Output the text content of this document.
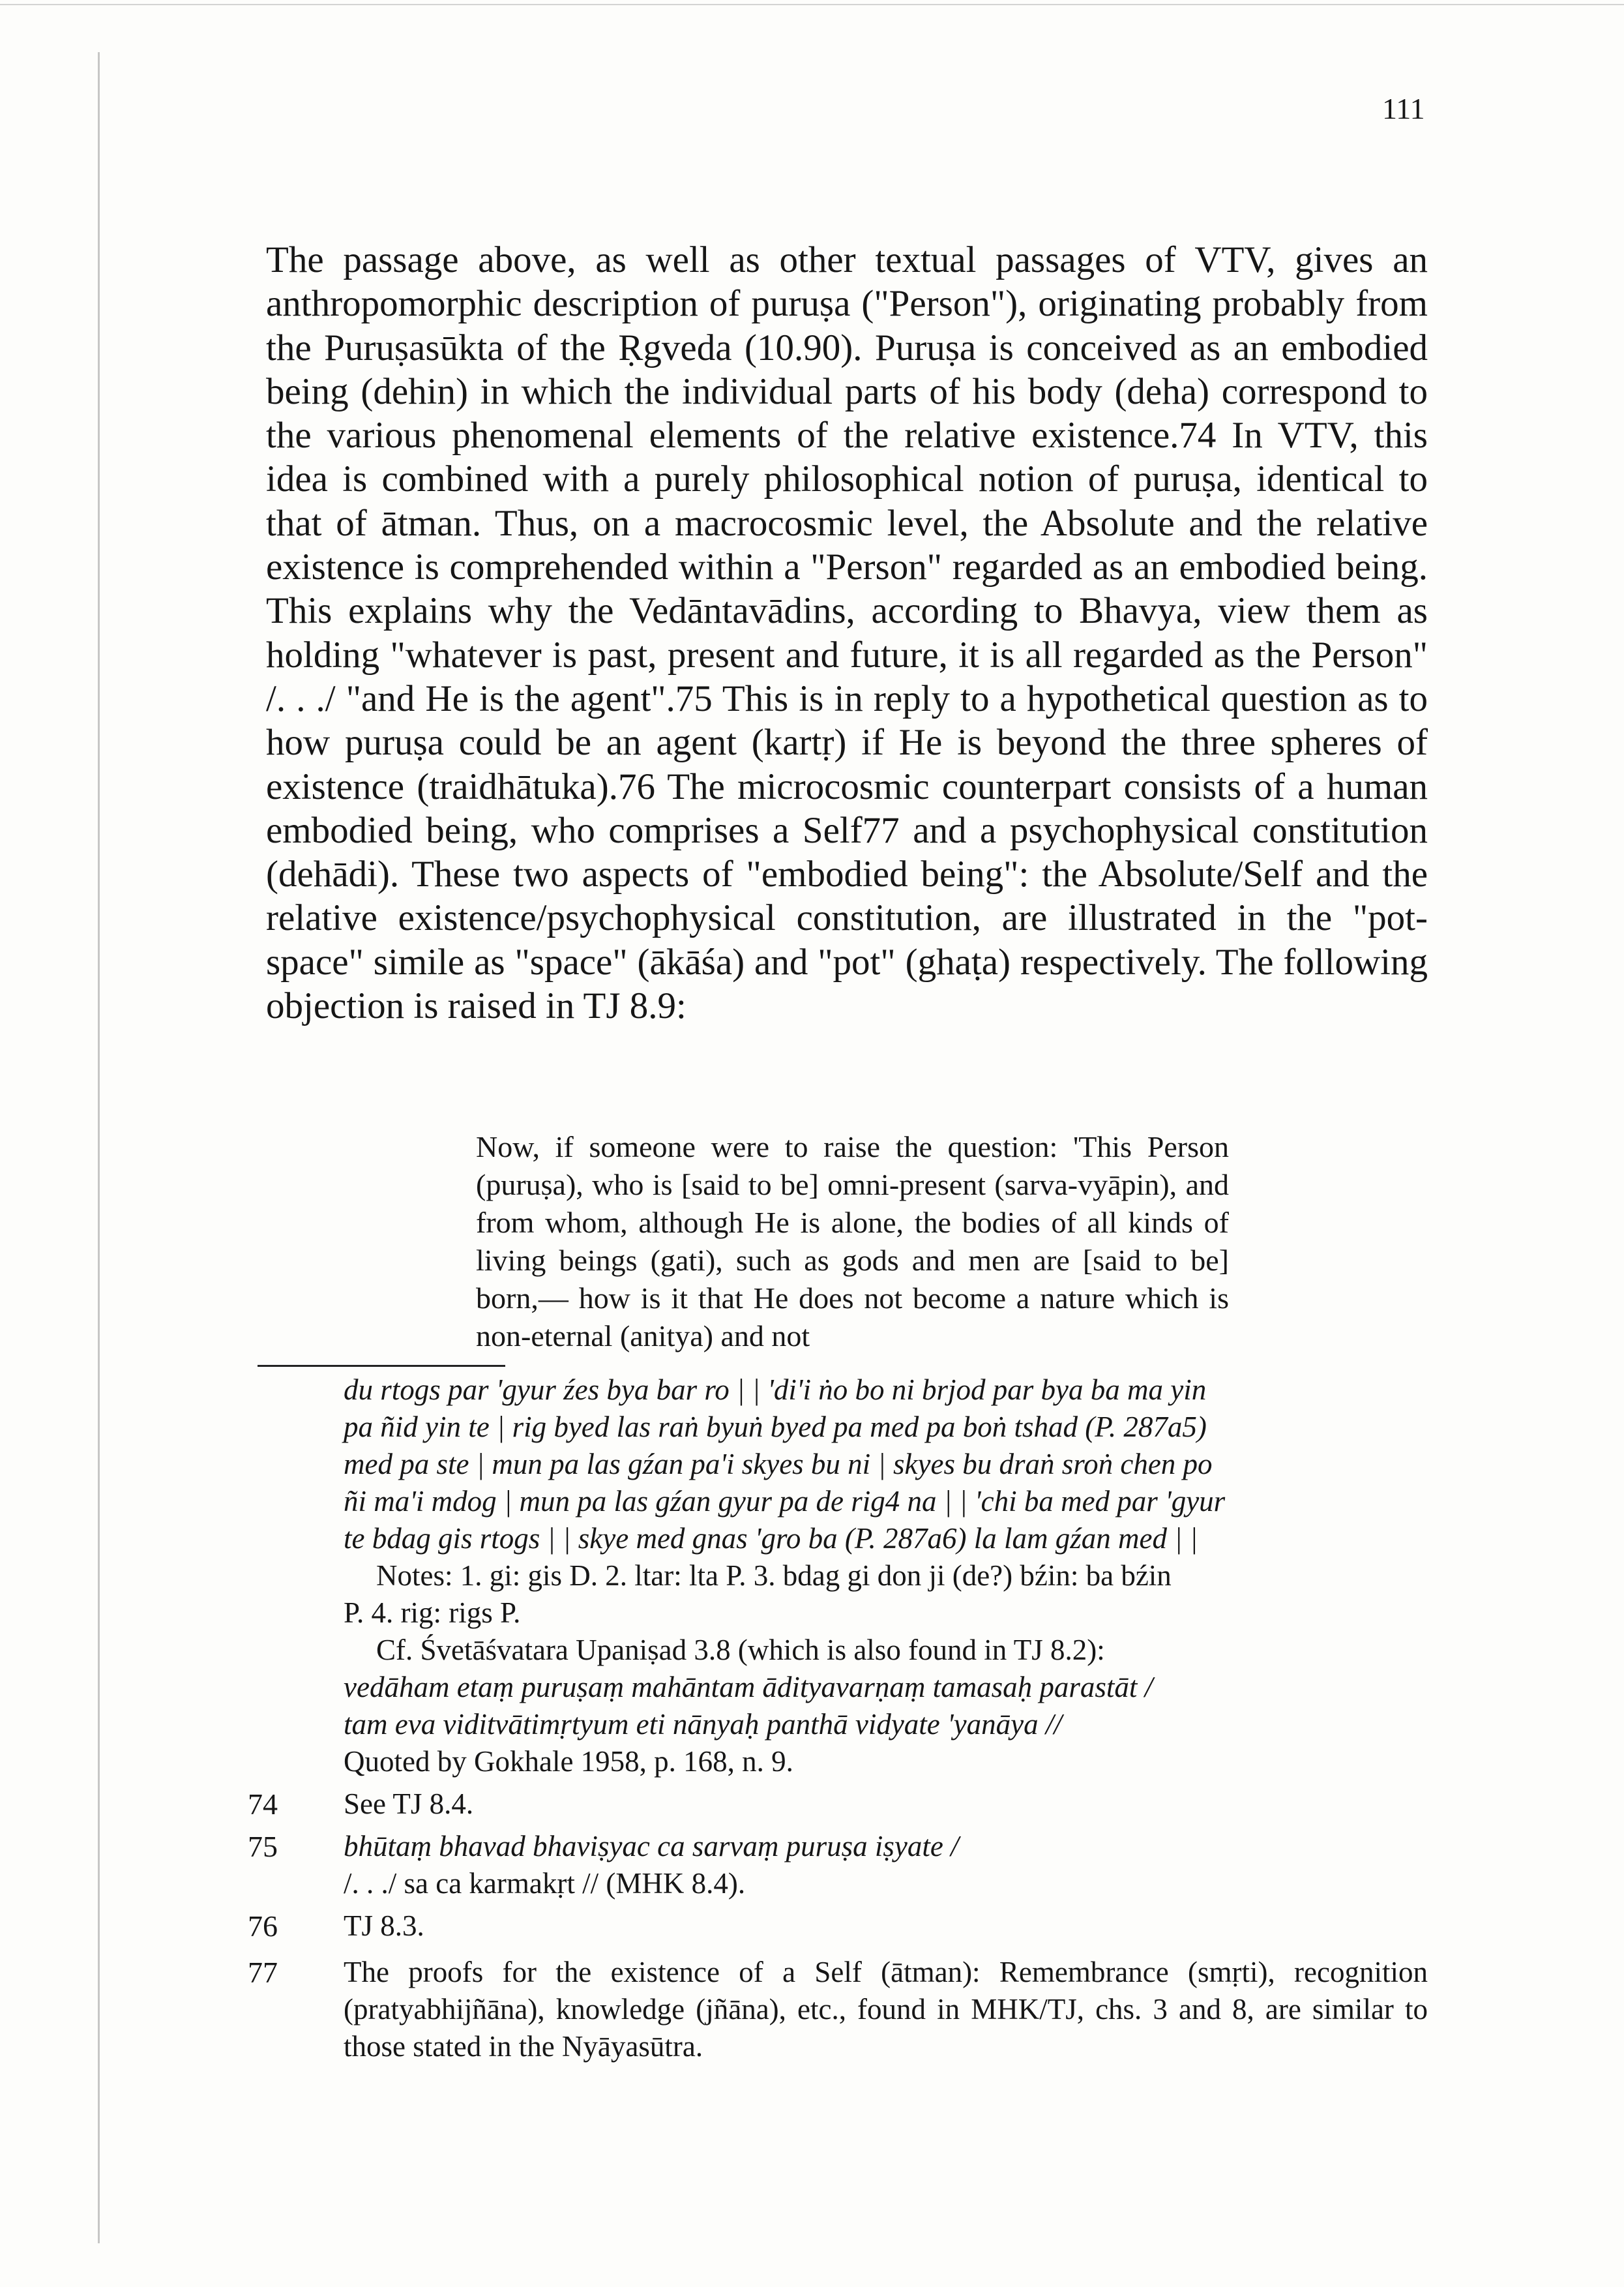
111
The passage above, as well as other textual passages of VTV, gives an anthropomorphic description of puruṣa ("Person"), originating probably from the Puruṣasūkta of the Ṛgveda (10.90). Puruṣa is conceived as an embodied being (dehin) in which the individual parts of his body (deha) correspond to the various phenomenal elements of the relative existence.74 In VTV, this idea is combined with a purely philosophical notion of puruṣa, identical to that of ātman. Thus, on a macrocosmic level, the Absolute and the relative existence is comprehended within a "Person" regarded as an embodied being. This explains why the Vedāntavādins, according to Bhavya, view them as holding "whatever is past, present and future, it is all regarded as the Person" /. . ./ "and He is the agent".75 This is in reply to a hypothetical question as to how puruṣa could be an agent (kartṛ) if He is beyond the three spheres of existence (traidhātuka).76 The microcosmic counterpart consists of a human embodied being, who comprises a Self77 and a psychophysical constitution (dehādi). These two aspects of "embodied being": the Absolute/Self and the relative existence/psychophysical constitution, are illustrated in the "pot-space" simile as "space" (ākāśa) and "pot" (ghaṭa) respectively. The following objection is raised in TJ 8.9:
Now, if someone were to raise the question: 'This Person (puruṣa), who is [said to be] omni-present (sarva-vyāpin), and from whom, although He is alone, the bodies of all kinds of living beings (gati), such as gods and men are [said to be] born,— how is it that He does not become a nature which is non-eternal (anitya) and not
du rtogs par 'gyur źes bya bar ro | | 'di'i ṅo bo ni brjod par bya ba ma yin
pa ñid yin te | rig byed las raṅ byuṅ byed pa med pa boṅ tshad (P. 287a5)
med pa ste | mun pa las gźan pa'i skyes bu ni | skyes bu draṅ sroṅ chen po
ñi ma'i mdog | mun pa las gźan gyur pa de rig4 na | | 'chi ba med par 'gyur
te bdag gis rtogs | | skye med gnas 'gro ba (P. 287a6) la lam gźan med | |
Notes: 1. gi: gis D. 2. ltar: lta P. 3. bdag gi don ji (de?) bźin: ba bźin
P. 4. rig: rigs P.
Cf. Śvetāśvatara Upaniṣad 3.8 (which is also found in TJ 8.2):
vedāham etaṃ puruṣaṃ mahāntam ādityavarṇaṃ tamasaḥ parastāt /
tam eva viditvātimṛtyum eti nānyaḥ panthā vidyate 'yanāya //
Quoted by Gokhale 1958, p. 168, n. 9.
74	See TJ 8.4.
75	bhūtaṃ bhavad bhaviṣyac ca sarvaṃ puruṣa iṣyate /
/. . ./ sa ca karmakṛt // (MHK 8.4).
76	TJ 8.3.
77	The proofs for the existence of a Self (ātman): Remembrance (smṛti), recognition (pratyabhijñāna), knowledge (jñāna), etc., found in MHK/TJ, chs. 3 and 8, are similar to those stated in the Nyāyasūtra.
